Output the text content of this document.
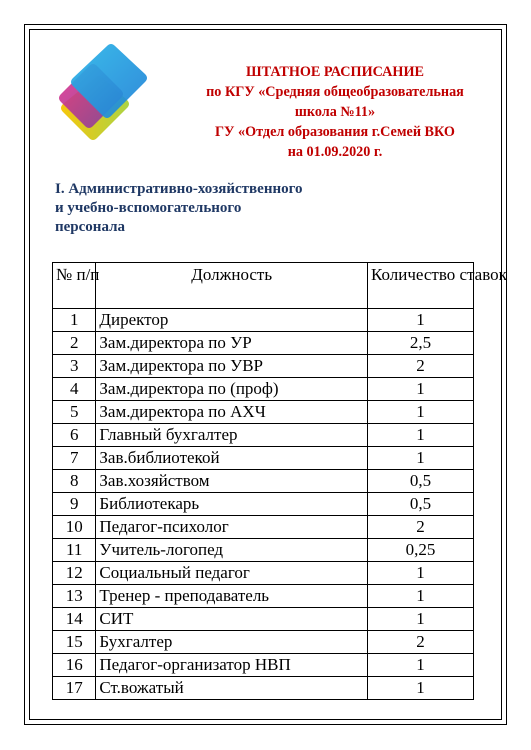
ШТАТНОЕ РАСПИСАНИЕ
по КГУ «Средняя общеобразовательная
школа №11»
ГУ «Отдел образования г.Семей ВКО
на 01.09.2020 г.
I. Административно-хозяйственного
и учебно-вспомогательного
персонала
№ п/п	Должность	Количество ставок
1	Директор	1
2	Зам.директора по УР	2,5
3	Зам.директора по УВР	2
4	Зам.директора по (проф)	1
5	Зам.директора по АХЧ	1
6	Главный бухгалтер	1
7	Зав.библиотекой	1
8	Зав.хозяйством	0,5
9	Библиотекарь	0,5
10	Педагог-психолог	2
11	Учитель-логопед	0,25
12	Социальный педагог	1
13	Тренер - преподаватель	1
14	СИТ	1
15	Бухгалтер	2
16	Педагог-организатор НВП	1
17	Ст.вожатый	1
